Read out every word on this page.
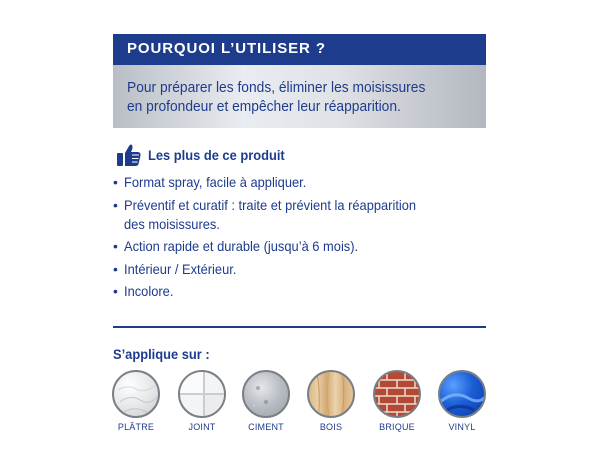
POURQUOI L’UTILISER ?
Pour préparer les fonds, éliminer les moisissures
en profondeur et empêcher leur réapparition.
Les plus de ce produit
• Format spray, facile à appliquer.
• Préventif et curatif : traite et prévient la réapparition
des moisissures.
• Action rapide et durable (jusqu’à 6 mois).
• Intérieur / Extérieur.
• Incolore.
S’applique sur :
PLÂTRE	JOINT	CIMENT	BOIS	BRIQUE	VINYL
